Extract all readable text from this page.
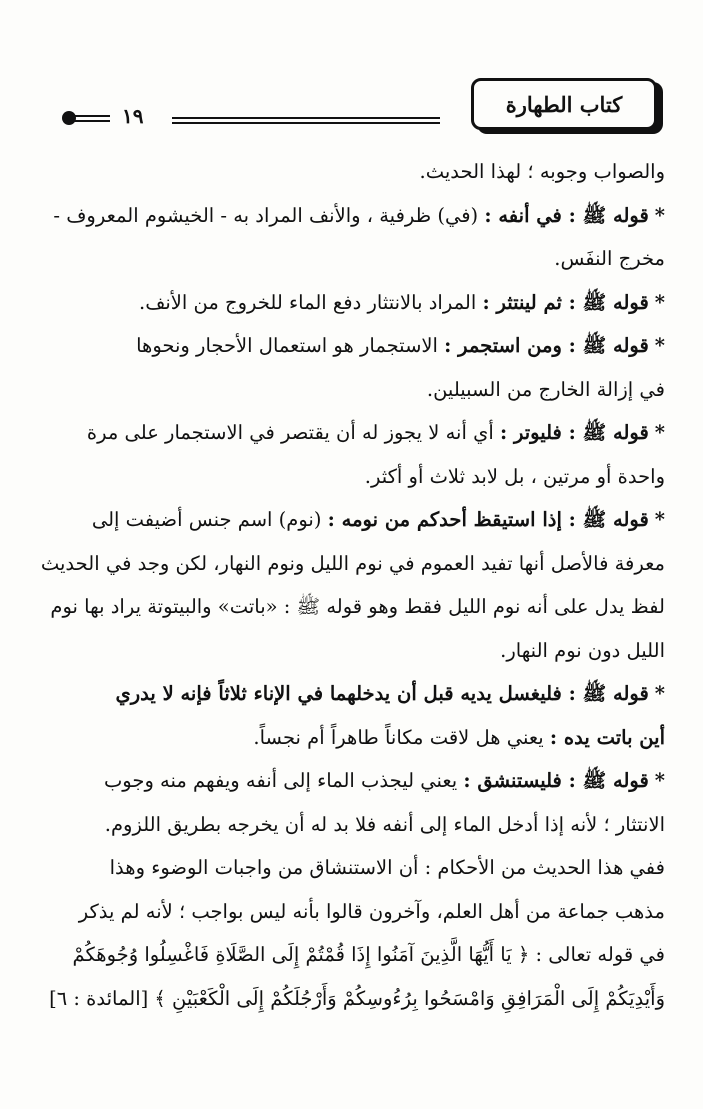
كتاب الطهارة
١٩
والصواب وجوبه ؛ لهذا الحديث.
*قوله ﷺ : في أنفه : (في) ظرفية ، والأنف المراد به - الخيشوم المعروف -
مخرج النفَس.
*قوله ﷺ : ثم لينتثر : المراد بالانتثار دفع الماء للخروج من الأنف.
*قوله ﷺ : ومن استجمر : الاستجمار هو استعمال الأحجار ونحوها
في إزالة الخارج من السبيلين.
*قوله ﷺ : فليوتر : أي أنه لا يجوز له أن يقتصر في الاستجمار على مرة
واحدة أو مرتين ، بل لابد ثلاث أو أكثر.
*قوله ﷺ : إذا استيقظ أحدكم من نومه : (نوم) اسم جنس أضيفت إلى
معرفة فالأصل أنها تفيد العموم في نوم الليل ونوم النهار، لكن وجد في الحديث
لفظ يدل على أنه نوم الليل فقط وهو قوله ﷺ : «باتت» والبيتوتة يراد بها نوم
الليل دون نوم النهار.
*قوله ﷺ : فليغسل يديه قبل أن يدخلهما في الإناء ثلاثاً فإنه لا يدري
أين باتت يده : يعني هل لاقت مكاناً طاهراً أم نجساً.
*قوله ﷺ : فليستنشق : يعني ليجذب الماء إلى أنفه ويفهم منه وجوب
الانتثار ؛ لأنه إذا أدخل الماء إلى أنفه فلا بد له أن يخرجه بطريق اللزوم.
ففي هذا الحديث من الأحكام : أن الاستنشاق من واجبات الوضوء وهذا
مذهب جماعة من أهل العلم، وآخرون قالوا بأنه ليس بواجب ؛ لأنه لم يذكر
في قوله تعالى : ﴿ يَا أَيُّهَا الَّذِينَ آمَنُوا إِذَا قُمْتُمْ إِلَى الصَّلَاةِ فَاغْسِلُوا وُجُوهَكُمْ
وَأَيْدِيَكُمْ إِلَى الْمَرَافِقِ وَامْسَحُوا بِرُءُوسِكُمْ وَأَرْجُلَكُمْ إِلَى الْكَعْبَيْنِ ﴾ [المائدة : ٦]
